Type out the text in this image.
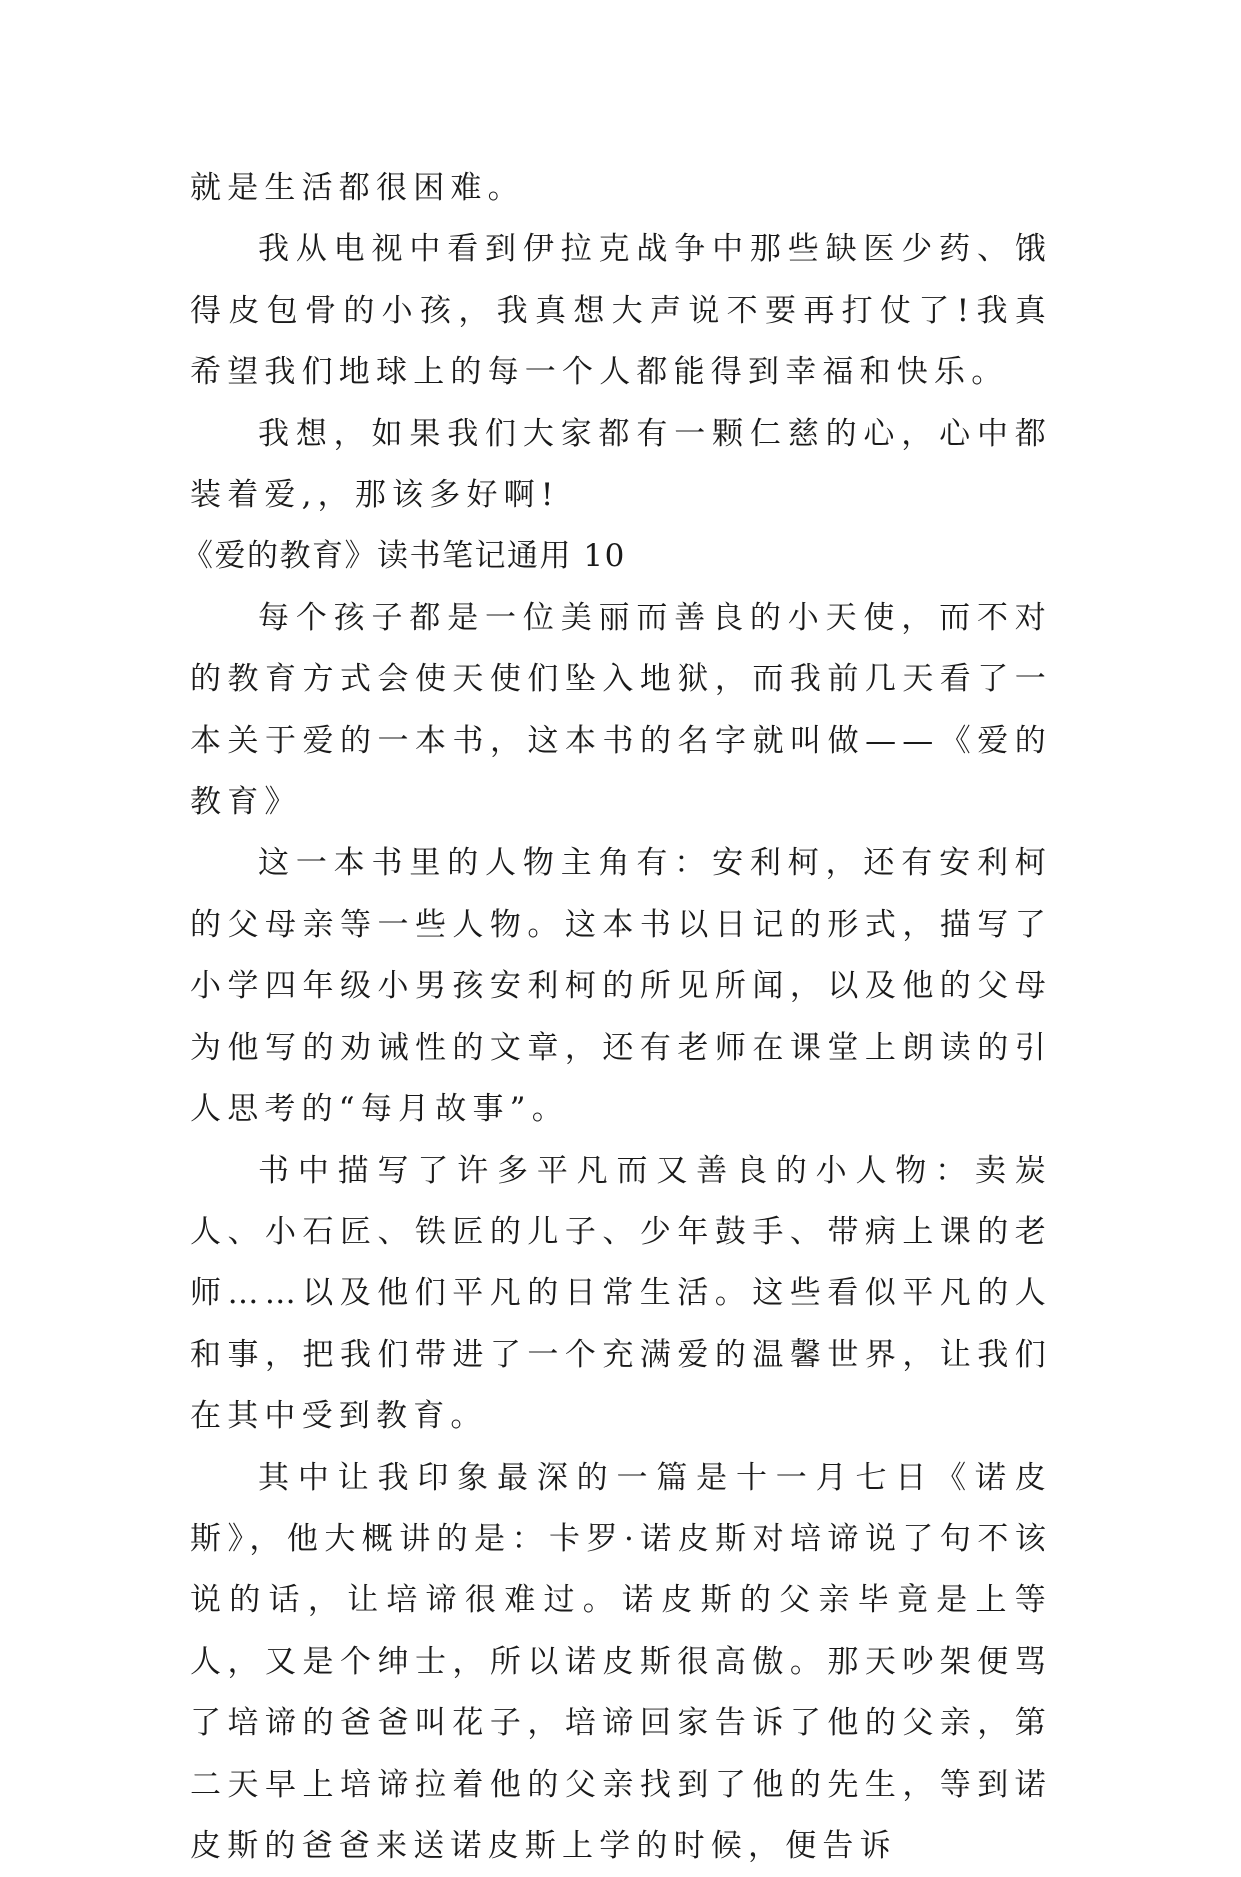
就是生活都很困难。

我从电视中看到伊拉克战争中那些缺医少药、饿得皮包骨的小孩，我真想大声说不要再打仗了!我真希望我们地球上的每一个人都能得到幸福和快乐。

我想，如果我们大家都有一颗仁慈的心，心中都装着爱,，那该多好啊!

《爱的教育》读书笔记通用 10

每个孩子都是一位美丽而善良的小天使，而不对的教育方式会使天使们坠入地狱，而我前几天看了一本关于爱的一本书，这本书的名字就叫做——《爱的教育》

这一本书里的人物主角有：安利柯，还有安利柯的父母亲等一些人物。这本书以日记的形式，描写了小学四年级小男孩安利柯的所见所闻，以及他的父母为他写的劝诫性的文章，还有老师在课堂上朗读的引人思考的“每月故事”。

书中描写了许多平凡而又善良的小人物：卖炭人、小石匠、铁匠的儿子、少年鼓手、带病上课的老师……以及他们平凡的日常生活。这些看似平凡的人和事，把我们带进了一个充满爱的温馨世界，让我们在其中受到教育。

其中让我印象最深的一篇是十一月七日《诺皮斯》，他大概讲的是：卡罗·诺皮斯对培谛说了句不该说的话，让培谛很难过。诺皮斯的父亲毕竟是上等人，又是个绅士，所以诺皮斯很高傲。那天吵架便骂了培谛的爸爸叫花子，培谛回家告诉了他的父亲，第二天早上培谛拉着他的父亲找到了他的先生，等到诺皮斯的爸爸来送诺皮斯上学的时候，便告诉
